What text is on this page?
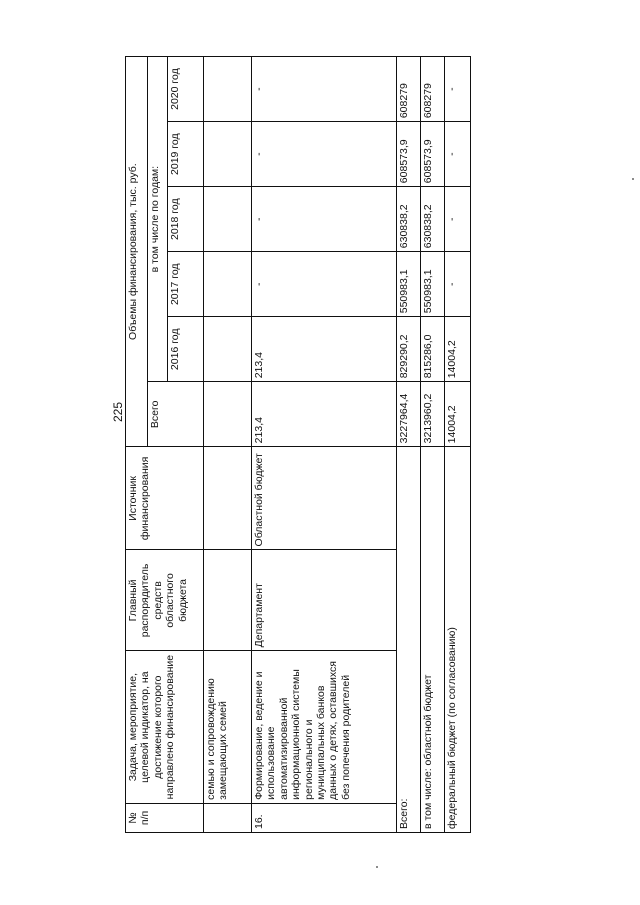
225
№ п/п	Задача, мероприятие, целевой индикатор, на достижение которого направлено финансирование	Главный распорядитель средств областного бюджета	Источник финансирования	Объемы финансирования, тыс. руб.					
				Всего	в том числе по годам:				
					2016 год	2017 год	2018 год	2019 год	2020 год
	семью и сопровождению замещающих семей								
16.	Формирование, ведение и использование автоматизированной информационной системы регионального и муниципальных банков данных о детях, оставшихся без попечения родителей	Департамент	Областной бюджет	213,4	213,4	-	-	-	-
Всего:				3227964,4	829290,2	550983,1	630838,2	608573,9	608279
в том числе: областной бюджет				3213960,2	815286,0	550983,1	630838,2	608573,9	608279
федеральный бюджет (по согласованию)				14004,2	14004,2	-	-	-	-
